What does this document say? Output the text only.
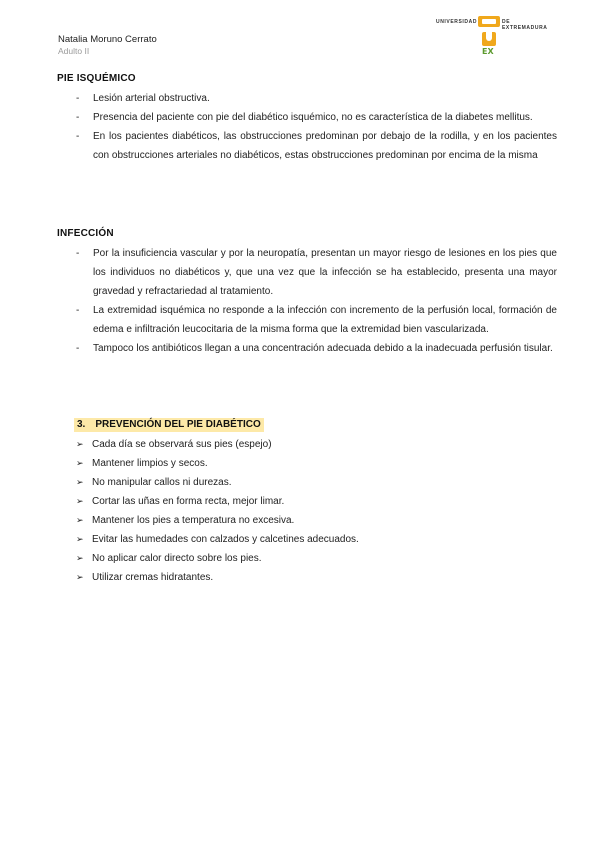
Natalia Moruno Cerrato
Adulto II
UNIVERSIDAD	DE EXTREMADURA
EX
PIE ISQUÉMICO
- Lesión arterial obstructiva.
- Presencia del paciente con pie del diabético isquémico, no es característica de la diabetes mellitus.
- En los pacientes diabéticos, las obstrucciones predominan por debajo de la rodilla, y en los pacientes con obstrucciones arteriales no diabéticos, estas obstrucciones predominan por encima de la misma
INFECCIÓN
- Por la insuficiencia vascular y por la neuropatía, presentan un mayor riesgo de lesiones en los pies que los individuos no diabéticos y, que una vez que la infección se ha establecido, presenta una mayor gravedad y refractariedad al tratamiento.
- La extremidad isquémica no responde a la infección con incremento de la perfusión local, formación de edema e infiltración leucocitaria de la misma forma que la extremidad bien vascularizada.
- Tampoco los antibióticos llegan a una concentración adecuada debido a la inadecuada perfusión tisular.
3. PREVENCIÓN DEL PIE DIABÉTICO
➢ Cada día se observará sus pies (espejo)
➢ Mantener limpios y secos.
➢ No manipular callos ni durezas.
➢ Cortar las uñas en forma recta, mejor limar.
➢ Mantener los pies a temperatura no excesiva.
➢ Evitar las humedades con calzados y calcetines adecuados.
➢ No aplicar calor directo sobre los pies.
➢ Utilizar cremas hidratantes.
